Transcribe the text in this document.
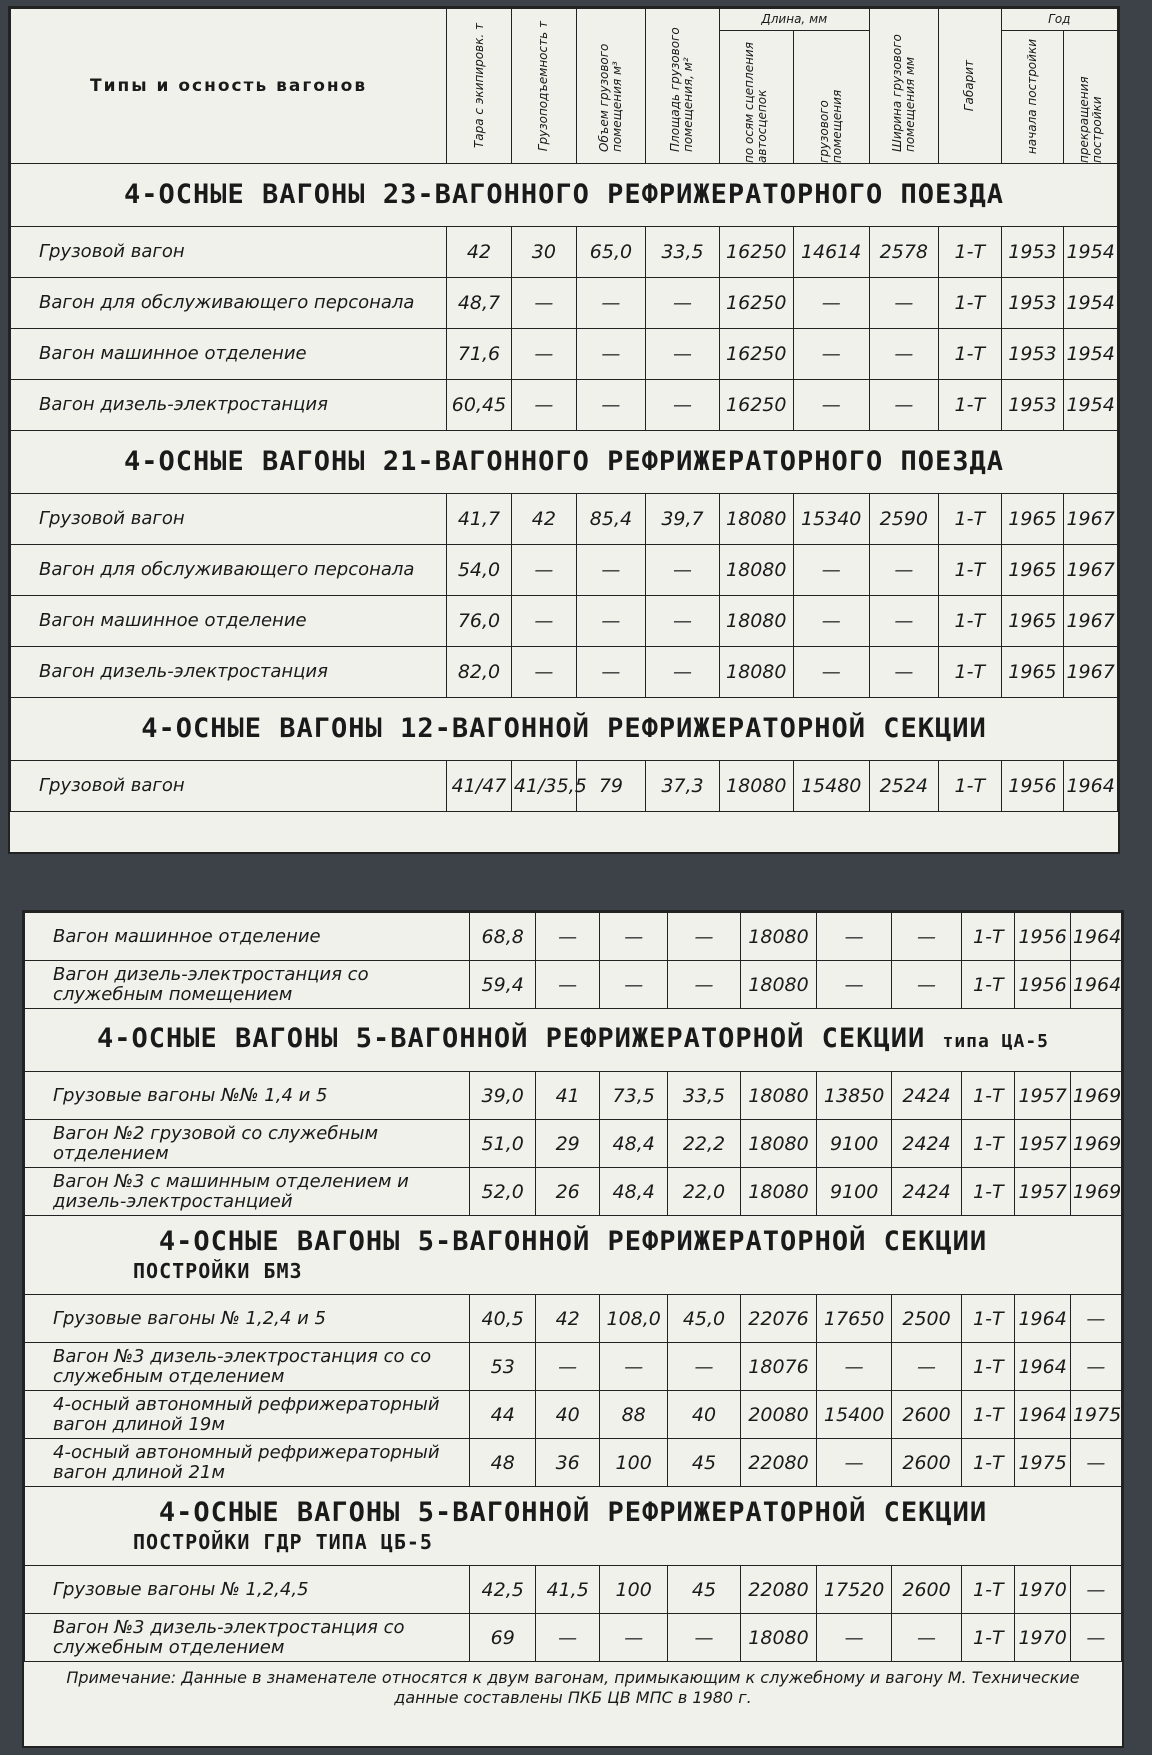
Типы и осность вагонов	Тара с экипировк. т	Грузоподъемность т	Объем грузового помещения м³	Площадь грузового помещения, м²	Длина, мм		Ширина грузового помещения мм	Габарит	Год	

					по осям сцепления автосцепок	грузового помещения			начала постройки	прекращения постройки

4-ОСНЫЕ ВАГОНЫ 23-ВАГОННОГО РЕФРИЖЕРАТОРНОГО ПОЕЗДА										
Грузовой вагон	42	30	65,0	33,5	16250	14614	2578	1-Т	1953	1954
Вагон для обслуживающего персонала	48,7	—	—	—	16250	—	—	1-Т	1953	1954
Вагон машинное отделение	71,6	—	—	—	16250	—	—	1-Т	1953	1954
Вагон дизель-электростанция	60,45	—	—	—	16250	—	—	1-Т	1953	1954
4-ОСНЫЕ ВАГОНЫ 21-ВАГОННОГО РЕФРИЖЕРАТОРНОГО ПОЕЗДА										
Грузовой вагон	41,7	42	85,4	39,7	18080	15340	2590	1-Т	1965	1967
Вагон для обслуживающего персонала	54,0	—	—	—	18080	—	—	1-Т	1965	1967
Вагон машинное отделение	76,0	—	—	—	18080	—	—	1-Т	1965	1967
Вагон дизель-электростанция	82,0	—	—	—	18080	—	—	1-Т	1965	1967
4-ОСНЫЕ ВАГОНЫ 12-ВАГОННОЙ РЕФРИЖЕРАТОРНОЙ СЕКЦИИ										
Грузовой вагон	41/47	41/35,5	79	37,3	18080	15480	2524	1-Т	1956	1964
Вагон машинное отделение	68,8	—	—	—	18080	—	—	1-Т	1956	1964
Вагон дизель-электростанция со служебным помещением	59,4	—	—	—	18080	—	—	1-Т	1956	1964
4-ОСНЫЕ ВАГОНЫ 5-ВАГОННОЙ РЕФРИЖЕРАТОРНОЙ СЕКЦИИ типа ЦА-5										
Грузовые вагоны №№ 1,4 и 5	39,0	41	73,5	33,5	18080	13850	2424	1-Т	1957	1969
Вагон №2 грузовой со служебным отделением	51,0	29	48,4	22,2	18080	9100	2424	1-Т	1957	1969
Вагон №3 с машинным отделением и дизель-электростанцией	52,0	26	48,4	22,0	18080	9100	2424	1-Т	1957	1969
4-ОСНЫЕ ВАГОНЫ 5-ВАГОННОЙ РЕФРИЖЕРАТОРНОЙ СЕКЦИИ
ПОСТРОЙКИ БМЗ										

Грузовые вагоны № 1,2,4 и 5	40,5	42	108,0	45,0	22076	17650	2500	1-Т	1964	—
Вагон №3 дизель-электростанция со со служебным отделением	53	—	—	—	18076	—	—	1-Т	1964	—
4-осный автономный рефрижераторный вагон длиной 19м	44	40	88	40	20080	15400	2600	1-Т	1964	1975
4-осный автономный рефрижераторный вагон длиной 21м	48	36	100	45	22080	—	2600	1-Т	1975	—
4-ОСНЫЕ ВАГОНЫ 5-ВАГОННОЙ РЕФРИЖЕРАТОРНОЙ СЕКЦИИ
ПОСТРОЙКИ ГДР ТИПА ЦБ-5										

Грузовые вагоны № 1,2,4,5	42,5	41,5	100	45	22080	17520	2600	1-Т	1970	—
Вагон №3 дизель-электростанция со служебным отделением	69	—	—	—	18080	—	—	1-Т	1970	—
Примечание: Данные в знаменателе относятся к двум вагонам, примыкающим к служебному и вагону М. Технические данные составлены ПКБ ЦВ МПС в 1980 г.										
